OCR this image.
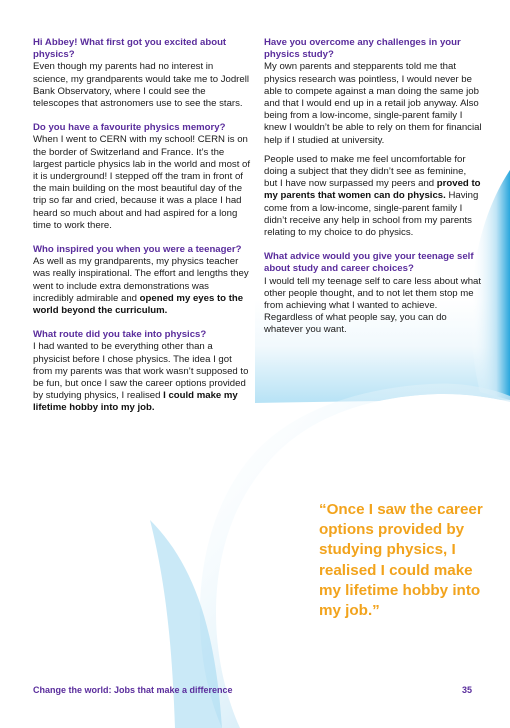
Hi Abbey! What first got you excited about physics?

Even though my parents had no interest in science, my grandparents would take me to Jodrell Bank Observatory, where I could see the telescopes that astronomers use to see the stars.

Do you have a favourite physics memory?

When I went to CERN with my school! CERN is on the border of Switzerland and France. It’s the largest particle physics lab in the world and most of it is underground! I stepped off the tram in front of the main building on the most beautiful day of the trip so far and cried, because it was a place I had heard so much about and had aspired for a long time to work there.

Who inspired you when you were a teenager?

As well as my grandparents, my physics teacher was really inspirational. The effort and lengths they went to include extra demonstrations was incredibly admirable and opened my eyes to the world beyond the curriculum.

What route did you take into physics?

I had wanted to be everything other than a physicist before I chose physics. The idea I got from my parents was that work wasn’t supposed to be fun, but once I saw the career options provided by studying physics, I realised I could make my lifetime hobby into my job.

Have you overcome any challenges in your physics study?

My own parents and stepparents told me that physics research was pointless, I would never be able to compete against a man doing the same job and that I would end up in a retail job anyway. Also being from a low-income, single-parent family I knew I wouldn’t be able to rely on them for financial help if I studied at university.

People used to make me feel uncomfortable for doing a subject that they didn’t see as feminine, but I have now surpassed my peers and proved to my parents that women can do physics. Having come from a low-income, single-parent family I didn’t receive any help in school from my parents relating to my choice to do physics.

What advice would you give your teenage self about study and career choices?

I would tell my teenage self to care less about what other people thought, and to not let them stop me from achieving what I wanted to achieve. Regardless of what people say, you can do whatever you want.

“Once I saw the career options provided by studying physics, I realised I could make my lifetime hobby into my job.”

Change the world: Jobs that make a difference	35
